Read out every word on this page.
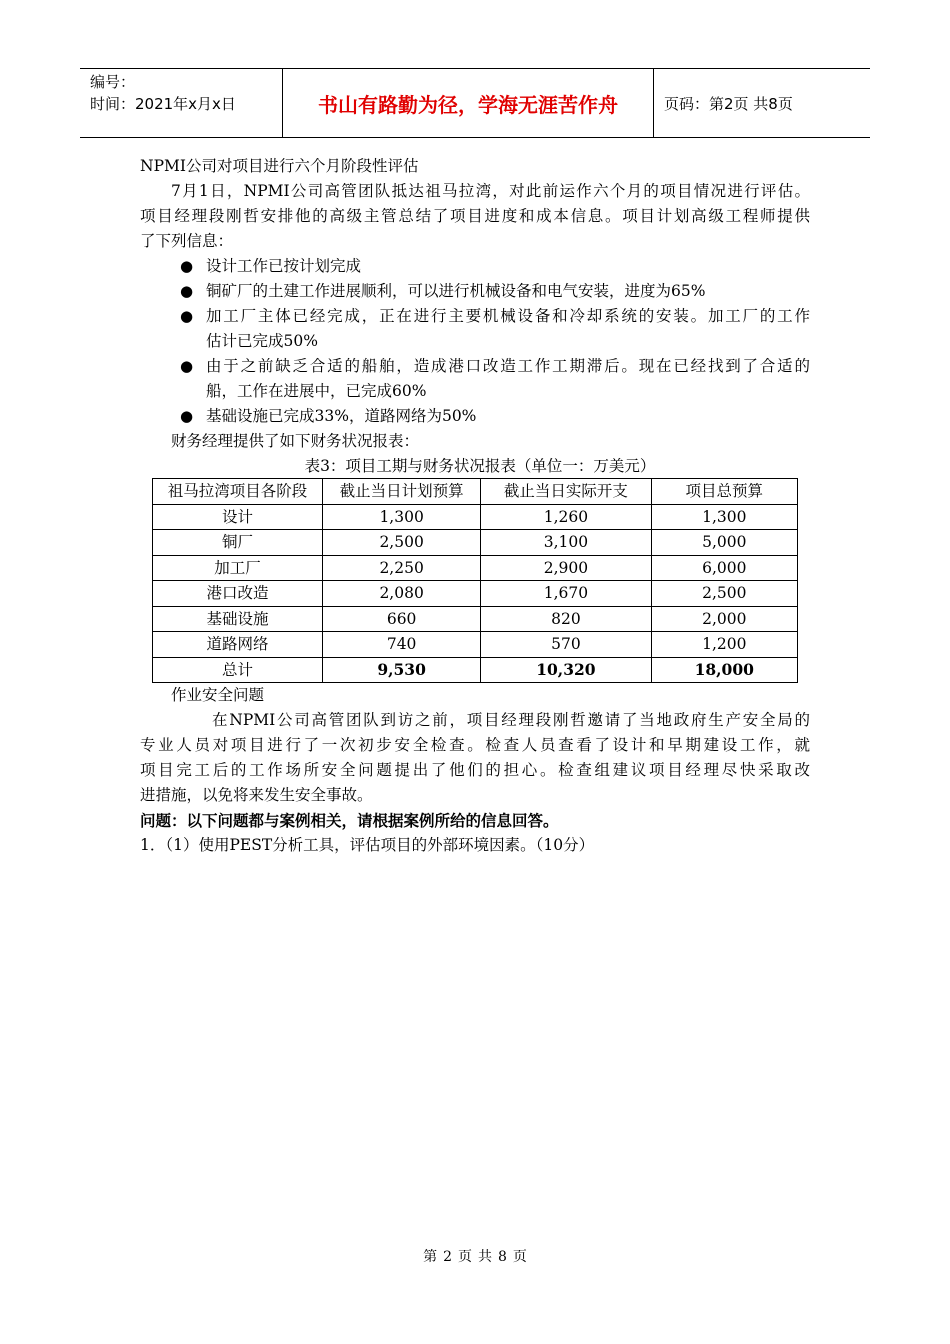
编号：
时间：2021年x月x日	书山有路勤为径，学海无涯苦作舟	页码：第2页 共8页
NPMI公司对项目进行六个月阶段性评估
7月1日，NPMI公司高管团队抵达祖马拉湾，对此前运作六个月的项目情况进行评估。
项目经理段刚哲安排他的高级主管总结了项目进度和成本信息。项目计划高级工程师提供
了下列信息：
● 设计工作已按计划完成
● 铜矿厂的土建工作进展顺利，可以进行机械设备和电气安装，进度为65%
● 加工厂主体已经完成，正在进行主要机械设备和冷却系统的安装。加工厂的工作
估计已完成50%
● 由于之前缺乏合适的船舶，造成港口改造工作工期滞后。现在已经找到了合适的
船，工作在进展中，已完成60%
● 基础设施已完成33%，道路网络为50%
财务经理提供了如下财务状况报表：
表3：项目工期与财务状况报表（单位一：万美元）
祖马拉湾项目各阶段	截止当日计划预算	截止当日实际开支	项目总预算
设计	1,300	1,260	1,300
铜厂	2,500	3,100	5,000
加工厂	2,250	2,900	6,000
港口改造	2,080	1,670	2,500
基础设施	660	820	2,000
道路网络	740	570	1,200
总计	9,530	10,320	18,000
作业安全问题
在NPMI公司高管团队到访之前，项目经理段刚哲邀请了当地政府生产安全局的
专业人员对项目进行了一次初步安全检查。检查人员查看了设计和早期建设工作，就
项目完工后的工作场所安全问题提出了他们的担心。检查组建议项目经理尽快采取改
进措施，以免将来发生安全事故。
问题：以下问题都与案例相关，请根据案例所给的信息回答。
1．（1）使用PEST分析工具，评估项目的外部环境因素。（10分）
第 2 页 共 8 页
